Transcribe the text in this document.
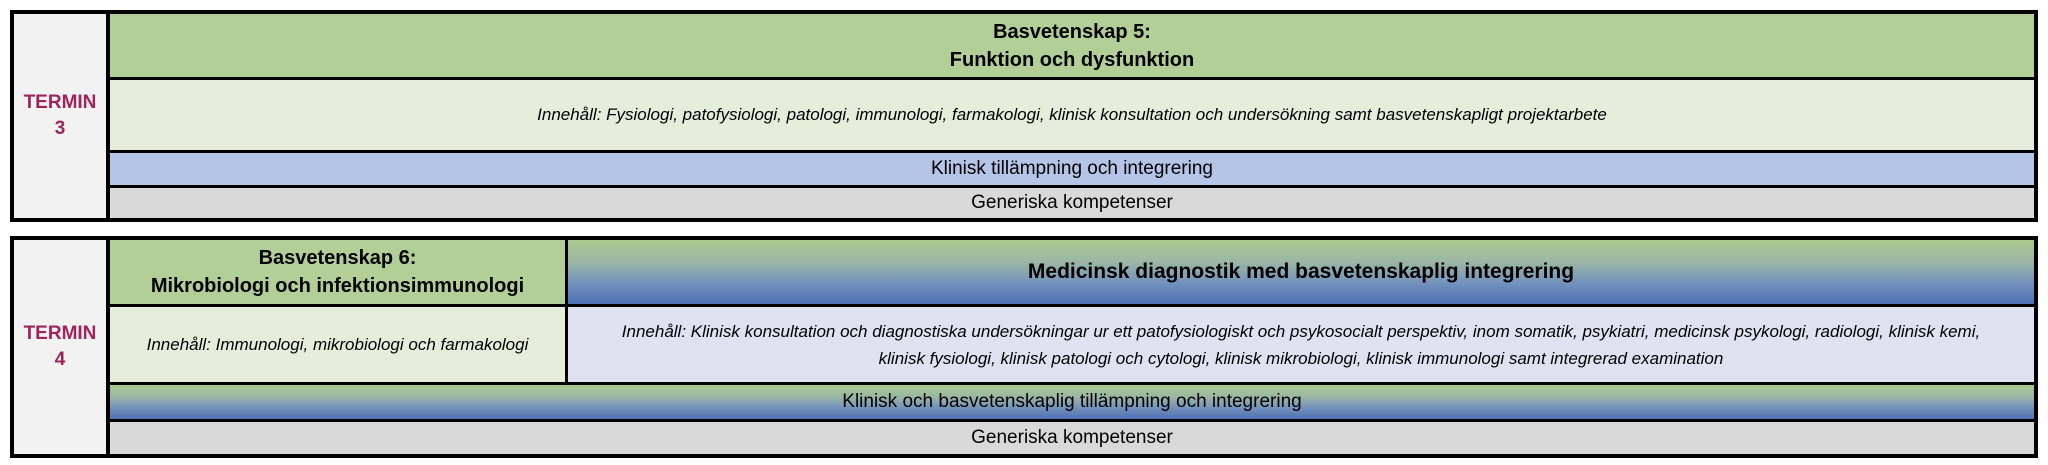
TERMIN
3
Basvetenskap 5:
Funktion och dysfunktion
Innehåll: Fysiologi, patofysiologi, patologi, immunologi, farmakologi, klinisk konsultation och undersökning samt basvetenskapligt projektarbete
Klinisk tillämpning och integrering
Generiska kompetenser
TERMIN
4
Basvetenskap 6:
Mikrobiologi och infektionsimmunologi
Medicinsk diagnostik med basvetenskaplig integrering
Innehåll: Immunologi, mikrobiologi och farmakologi
Innehåll: Klinisk konsultation och diagnostiska undersökningar ur ett patofysiologiskt och psykosocialt perspektiv, inom somatik, psykiatri, medicinsk psykologi, radiologi, klinisk kemi,
klinisk fysiologi, klinisk patologi och cytologi, klinisk mikrobiologi, klinisk immunologi samt integrerad examination
Klinisk och basvetenskaplig tillämpning och integrering
Generiska kompetenser
